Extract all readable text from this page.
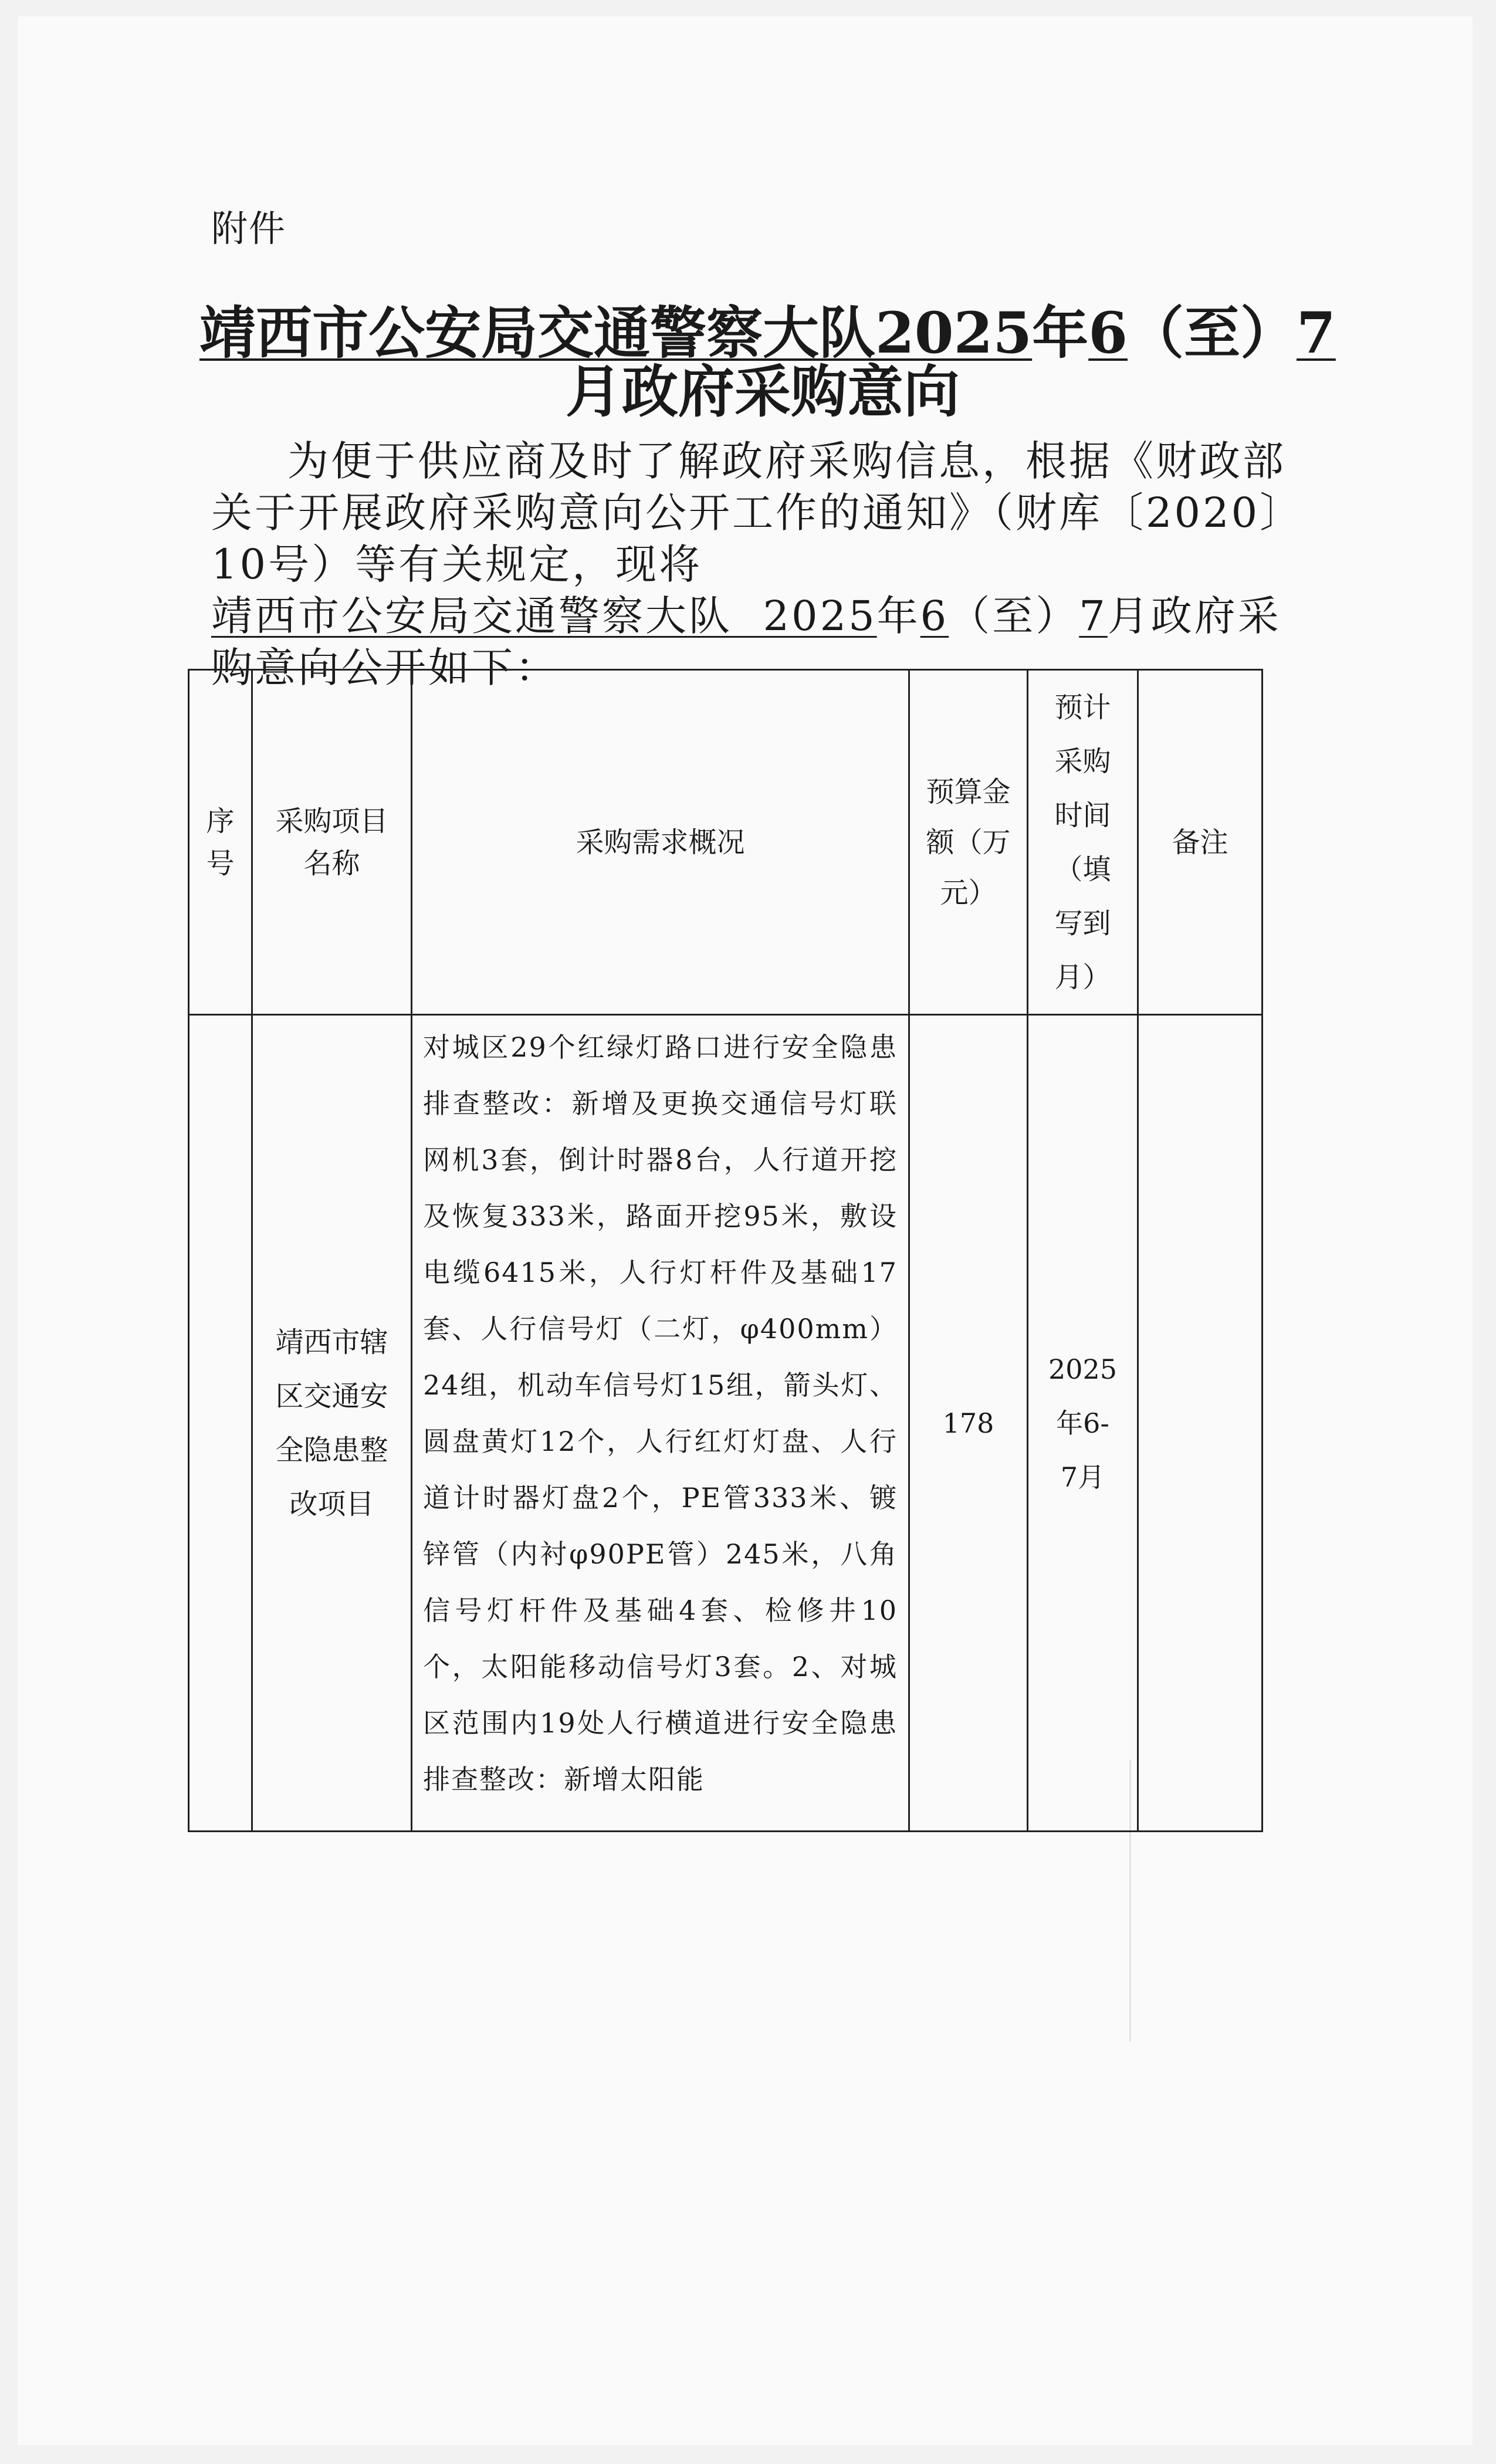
附件
靖西市公安局交通警察大队2025年6（至）7
月政府采购意向
为便于供应商及时了解政府采购信息，根据《财政部关于开展政府采购意向公开工作的通知》（财库〔2020〕10号）等有关规定，现将靖西市公安局交通警察大队 2025年6（至）7月政府采购意向公开如下：
序号	采购项目名称	采购需求概况	预算金额（万元）	预计采购时间（填写到月）	备注

	靖西市辖区交通安全隐患整改项目	对城区29个红绿灯路口进行安全隐患排查整改：新增及更换交通信号灯联网机3套，倒计时器8台，人行道开挖及恢复333米，路面开挖95米，敷设电缆6415米，人行灯杆件及基础17套、人行信号灯（二灯，φ400mm）24组，机动车信号灯15组，箭头灯、圆盘黄灯12个，人行红灯灯盘、人行道计时器灯盘2个，PE管333米、镀锌管（内衬φ90PE管）245米，八角信号灯杆件及基础4套、检修井10个，太阳能移动信号灯3套。2、对城区范围内19处人行横道进行安全隐患排查整改：新增太阳能	178	2025年6-7月	
